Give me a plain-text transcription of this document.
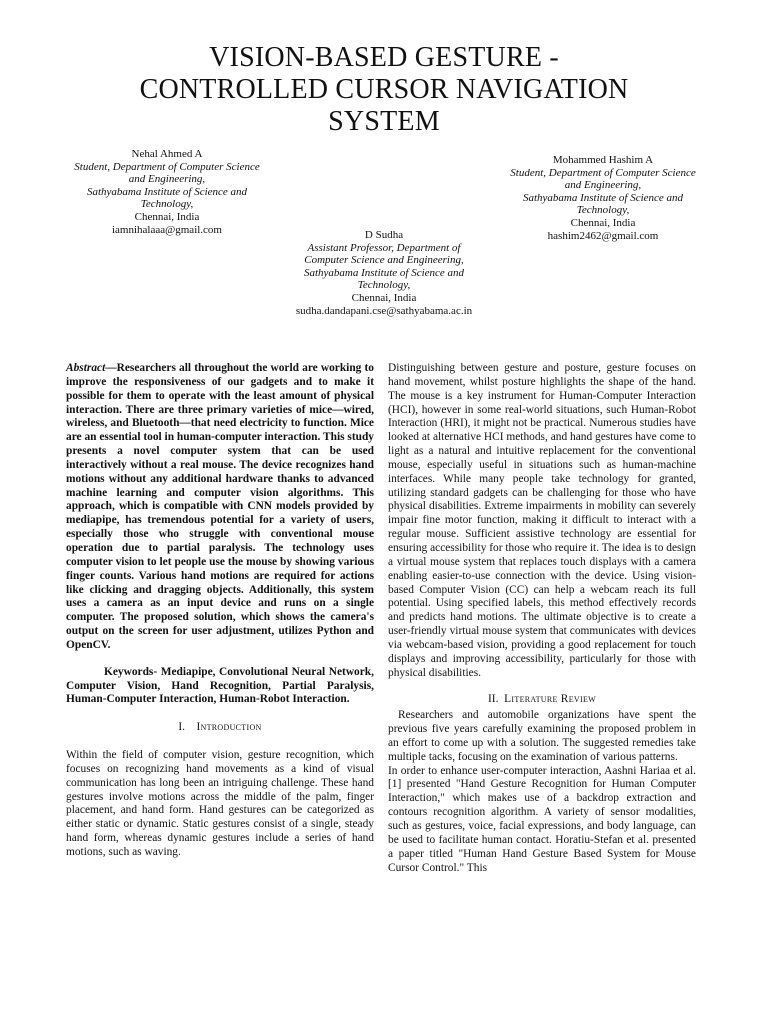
VISION-BASED GESTURE -
CONTROLLED CURSOR NAVIGATION
SYSTEM
Nehal Ahmed A
Student, Department of Computer Science
and Engineering,
Sathyabama Institute of Science and
Technology,
Chennai, India
iamnihalaaa@gmail.com
Mohammed Hashim A
Student, Department of Computer Science
and Engineering,
Sathyabama Institute of Science and
Technology,
Chennai, India
hashim2462@gmail.com
D Sudha
Assistant Professor, Department of
Computer Science and Engineering,
Sathyabama Institute of Science and
Technology,
Chennai, India
sudha.dandapani.cse@sathyabama.ac.in

Abstract—Researchers all throughout the world are working to improve the responsiveness of our gadgets and to make it possible for them to operate with the least amount of physical interaction. There are three primary varieties of mice—wired, wireless, and Bluetooth—that need electricity to function. Mice are an essential tool in human-computer interaction. This study presents a novel computer system that can be used interactively without a real mouse. The device recognizes hand motions without any additional hardware thanks to advanced machine learning and computer vision algorithms. This approach, which is compatible with CNN models provided by mediapipe, has tremendous potential for a variety of users, especially those who struggle with conventional mouse operation due to partial paralysis. The technology uses computer vision to let people use the mouse by showing various finger counts. Various hand motions are required for actions like clicking and dragging objects. Additionally, this system uses a camera as an input device and runs on a single computer. The proposed solution, which shows the camera's output on the screen for user adjustment, utilizes Python and OpenCV.

Keywords- Mediapipe, Convolutional Neural Network, Computer Vision, Hand Recognition, Partial Paralysis, Human-Computer Interaction, Human-Robot Interaction.

I. Introduction

Within the field of computer vision, gesture recognition, which focuses on recognizing hand movements as a kind of visual communication has long been an intriguing challenge. These hand gestures involve motions across the middle of the palm, finger placement, and hand form. Hand gestures can be categorized as either static or dynamic. Static gestures consist of a single, steady hand form, whereas dynamic gestures include a series of hand motions, such as waving.

Distinguishing between gesture and posture, gesture focuses on hand movement, whilst posture highlights the shape of the hand. The mouse is a key instrument for Human-Computer Interaction (HCI), however in some real-world situations, such Human-Robot Interaction (HRI), it might not be practical. Numerous studies have looked at alternative HCI methods, and hand gestures have come to light as a natural and intuitive replacement for the conventional mouse, especially useful in situations such as human-machine interfaces. While many people take technology for granted, utilizing standard gadgets can be challenging for those who have physical disabilities. Extreme impairments in mobility can severely impair fine motor function, making it difficult to interact with a regular mouse. Sufficient assistive technology are essential for ensuring accessibility for those who require it. The idea is to design a virtual mouse system that replaces touch displays with a camera enabling easier-to-use connection with the device. Using vision-based Computer Vision (CC) can help a webcam reach its full potential. Using specified labels, this method effectively records and predicts hand motions. The ultimate objective is to create a user-friendly virtual mouse system that communicates with devices via webcam-based vision, providing a good replacement for touch displays and improving accessibility, particularly for those with physical disabilities.

II. Literature Review

Researchers and automobile organizations have spent the previous five years carefully examining the proposed problem in an effort to come up with a solution. The suggested remedies take multiple tacks, focusing on the examination of various patterns.

In order to enhance user-computer interaction, Aashni Hariaa et al. [1] presented "Hand Gesture Recognition for Human Computer Interaction," which makes use of a backdrop extraction and contours recognition algorithm. A variety of sensor modalities, such as gestures, voice, facial expressions, and body language, can be used to facilitate human contact. Horatiu-Stefan et al. presented a paper titled "Human Hand Gesture Based System for Mouse Cursor Control." This
